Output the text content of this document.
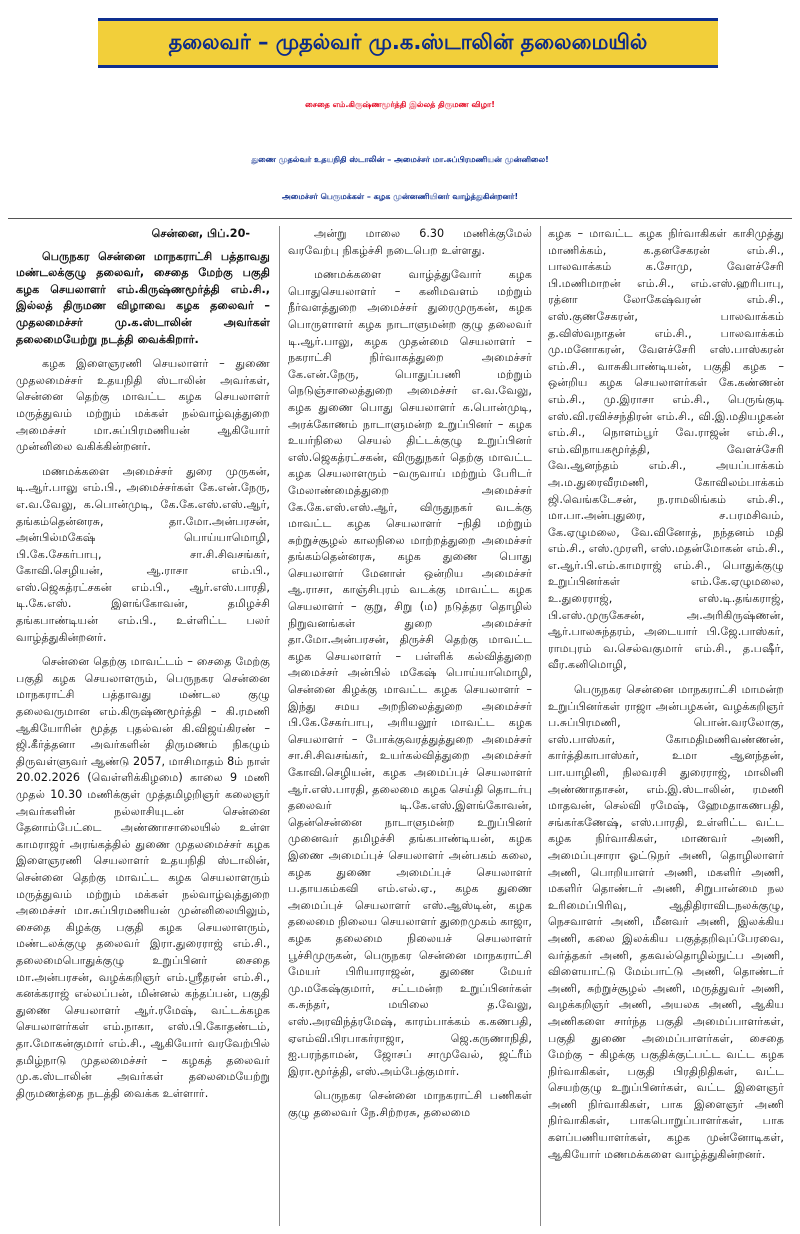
தலைவர் – முதல்வர் மு.க.ஸ்டாலின் தலைமையில்
சைதை எம்.கிருஷ்ணமூர்த்தி இல்லத் திருமண விழா!
துணை முதல்வர் உதயநிதி ஸ்டாலின் – அமைச்சர் மா.சுப்பிரமணியன் முன்னிலை!
அமைச்சர் பெருமக்கள் – கழக முன்னணியினர் வாழ்த்துகின்றனர்!
சென்னை, பிப்.20-

பெருநகர சென்னை மாநகராட்சி பத்தாவது மண்டலக்குழு தலைவர், சைதை மேற்கு பகுதி கழக செயலாளர் எம்.கிருஷ்ணமூர்த்தி எம்.சி., இல்லத் திருமண விழாவை கழக தலைவர் – முதலமைச்சர் மு.க.ஸ்டாலின் அவர்கள் தலைமையேற்று நடத்தி வைக்கிறார்.

கழக இளைஞரணி செயலாளர் – துணை முதலமைச்சர் உதயநிதி ஸ்டாலின் அவர்கள், சென்னை தெற்கு மாவட்ட கழக செயலாளர் மருத்துவம் மற்றும் மக்கள் நல்வாழ்வுத்துறை அமைச்சர் மா.சுப்பிரமணியன் ஆகியோர் முன்னிலை வகிக்கின்றனர்.

மணமக்களை அமைச்சர் துரை முருகன், டி.ஆர்.பாலு எம்.பி., அமைச்சர்கள் கே.என்.நேரு, எ.வ.வேலு, க.பொன்முடி, கே.கே.எஸ்.எஸ்.ஆர், தங்கம்தென்னரசு, தா.மோ.அன்பரசன், அன்பில்மகேஷ் பொய்யாமொழி, பி.கே.சேகர்பாபு, சா.சி.சிவசங்கர், கோவி.செழியன், ஆ.ராசா எம்.பி., எஸ்.ஜெகத்ரட்சகன் எம்.பி., ஆர்.எஸ்.பாரதி, டி.கே.எஸ். இளங்கோவன், தமிழச்சி தங்கபாண்டியன் எம்.பி., உள்ளிட்ட பலர் வாழ்த்துகின்றனர்.

சென்னை தெற்கு மாவட்டம் – சைதை மேற்கு பகுதி கழக செயலாளரும், பெருநகர சென்னை மாநகராட்சி பத்தாவது மண்டல குழு தலைவருமான எம்.கிருஷ்ணமூர்த்தி – கி.ரமணி ஆகியோரின் மூத்த புதல்வன் கி.விஜய்கிரண் – ஜி.கீர்த்தனா அவர்களின் திருமணம் நிகழும் திருவள்ளுவர் ஆண்டு 2057, மாசிமாதம் 8ம் நாள் 20.02.2026 (வெள்ளிக்கிழமை) காலை 9 மணி முதல் 10.30 மணிக்குள் முத்தமிழறிஞர் கலைஞர் அவர்களின் நல்லாசியுடன் சென்னை தேனாம்பேட்டை அண்ணாசாலையில் உள்ள காமராஜர் அரங்கத்தில் துணை முதலமைச்சர் கழக இளைஞரணி செயலாளர் உதயநிதி ஸ்டாலின், சென்னை தெற்கு மாவட்ட கழக செயலாளரும் மருத்துவம் மற்றும் மக்கள் நல்வாழ்வுத்துறை அமைச்சர் மா.சுப்பிரமணியன் முன்னிலையிலும், சைதை கிழக்கு பகுதி கழக செயலாளரும், மண்டலக்குழு தலைவர் இரா.துரைராஜ் எம்.சி., தலைமைபொதுக்குழு உறுப்பினர் சைதை மா.அன்பரசன், வழக்கறிஞர் எம்.ஸ்ரீதரன் எம்.சி., கனக்கராஜ் எல்லப்பன், மின்னல் கந்தப்பன், பகுதி துணை செயலாளர் ஆர்.ரமேஷ், வட்டக்கழக செயலாளர்கள் எம்.நாகா, எஸ்.பி.கோதண்டம், தா.மோகன்குமார் எம்.சி., ஆகியோர் வரவேற்பில் தமிழ்நாடு முதலமைச்சர் – கழகத் தலைவர் மு.க.ஸ்டாலின் அவர்கள் தலைமையேற்று திருமணத்தை நடத்தி வைக்க உள்ளார்.

அன்று மாலை 6.30 மணிக்குமேல் வரவேற்பு நிகழ்ச்சி நடைபெற உள்ளது.

மணமக்களை வாழ்த்துவோர் கழக பொதுசெயலாளர் – கனிமவளம் மற்றும் நீர்வளத்துறை அமைச்சர் துரைமுருகன், கழக பொருளாளர் கழக நாடாளுமன்ற குழு தலைவர் டி.ஆர்.பாலு, கழக முதன்மை செயலாளர் – நகராட்சி நிர்வாகத்துறை அமைச்சர் கே.என்.நேரு, பொதுப்பணி மற்றும் நெடுஞ்சாலைத்துறை அமைச்சர் எ.வ.வேலு, கழக துணை பொது செயலாளர் க.பொன்முடி, அரக்கோணம் நாடாளுமன்ற உறுப்பினர் – கழக உயர்நிலை செயல் திட்டக்குழு உறுப்பினர் எஸ்.ஜெகத்ரட்சகன், விருதுநகர் தெற்கு மாவட்ட கழக செயலாளரும் –வருவாய் மற்றும் பேரிடர் மேலாண்மைத்துறை அமைச்சர் கே.கே.எஸ்.எஸ்.ஆர், விருதுநகர் வடக்கு மாவட்ட கழக செயலாளர் –நிதி மற்றும் சுற்றுச்சூழல் காலநிலை மாற்றத்துறை அமைச்சர் தங்கம்தென்னரசு, கழக துணை பொது செயலாளர் மேனாள் ஒன்றிய அமைச்சர் ஆ.ராசா, காஞ்சிபுரம் வடக்கு மாவட்ட கழக செயலாளர் – குறு, சிறு (ம) நடுத்தர தொழில் நிறுவனங்கள் துறை அமைச்சர் தா.மோ.அன்பரசன், திருச்சி தெற்கு மாவட்ட கழக செயலாளர் – பள்ளிக் கல்வித்துறை அமைச்சர் அன்பில் மகேஷ் பொய்யாமொழி, சென்னை கிழக்கு மாவட்ட கழக செயலாளர் – இந்து சமய அறநிலைத்துறை அமைச்சர் பி.கே.சேகர்பாபு, அரியலூர் மாவட்ட கழக செயலாளர் – போக்குவரத்துத்துறை அமைச்சர் சா.சி.சிவசங்கர், உயர்கல்வித்துறை அமைச்சர் கோவி.செழியன், கழக அமைப்புச் செயலாளர் ஆர்.எஸ்.பாரதி, தலைமை கழக செய்தி தொடர்பு தலைவர் டி.கே.எஸ்.இளங்கோவன், தென்சென்னை நாடாளுமன்ற உறுப்பினர் முனைவர் தமிழச்சி தங்கபாண்டியன், கழக இணை அமைப்புச் செயலாளர் அன்பகம் கலை, கழக துணை அமைப்புச் செயலாளர் ப.தாயகம்கவி எம்.எல்.ஏ., கழக துணை அமைப்புச் செயலாளர் எஸ்.ஆஸ்டின், கழக தலைமை நிலைய செயலாளர் துறைமுகம் காஜா, கழக தலைமை நிலையச் செயலாளர் பூச்சிமுருகன், பெருநகர சென்னை மாநகராட்சி மேயர் பிரியாராஜன், துணை மேயர் மு.மகேஷ்குமார், சட்டமன்ற உறுப்பினர்கள் க.சுந்தர், மயிலை த.வேலு, எஸ்.அரவிந்த்ரமேஷ், காரம்பாக்கம் க.கணபதி, ஏஎம்வி.பிரபாகர்ராஜா, ஜெ.கருணாநிதி, ஐ.பரந்தாமன், ஜோசப் சாமுவேல், ஜட்ரீம் இரா.மூர்த்தி, எஸ்.அம்பேத்குமார்.

பெருநகர சென்னை மாநகராட்சி பணிகள் குழு தலைவர் நே.சிற்றரசு, தலைமை

கழக – மாவட்ட கழக நிர்வாகிகள் காசிமுத்து மாணிக்கம், க.தனசேகரன் எம்.சி., பாலவாக்கம் க.சோமு, வேளச்சேரி பி.மணிமாறன் எம்.சி., எம்.எஸ்.ஹரிபாபு, ரத்னா லோகேஷ்வரன் எம்.சி., எஸ்.குணசேகரன், பாலவாக்கம் த.விஸ்வநாதன் எம்.சி., பாலவாக்கம் மு.மனோகரன், வேளச்சேரி எஸ்.பாஸ்கரன் எம்.சி., வாசுகிபாண்டியன், பகுதி கழக – ஒன்றிய கழக செயலாளர்கள் கே.கண்ணன் எம்.சி., மு.இராசா எம்.சி., பெருங்குடி எஸ்.வி.ரவிச்சந்திரன் எம்.சி., வி.இ.மதியழகன் எம்.சி., நொளம்பூர் வே.ராஜன் எம்.சி., எம்.விநாயகமூர்த்தி, வேளச்சேரி வே.ஆனந்தம் எம்.சி., அயப்பாக்கம் அ.ம.துரைவீரமணி, கோவிலம்பாக்கம் ஜி.வெங்கடேசன், ந.ராமலிங்கம் எம்.சி., மா.பா.அன்புதுரை, ச.பரமசிவம், கே.ஏழுமலை, வே.வினோத், நந்தனம் மதி எம்.சி., எஸ்.முரளி, எஸ்.மதன்மோகன் எம்.சி., எ.ஆர்.பி.எம்.காமராஜ் எம்.சி., பொதுக்குழு உறுப்பினர்கள் எம்.கே.ஏழுமலை, உ.துரைராஜ், எஸ்.டி.தங்கராஜ், பி.எஸ்.முருகேசன், அ.அரிகிருஷ்ணன், ஆர்.பாலசுந்தரம், அடையார் பி.ஜே.பாஸ்கர், ராமபுரம் வ.செல்வகுமார் எம்.சி., த.பஷீர், வீர.கனிமொழி,

பெருநகர சென்னை மாநகராட்சி மாமன்ற உறுப்பினர்கள் ராஜா அன்பழகன், வழக்கறிஞர் ப.சுப்பிரமணி, பொன்.வரலோகு, எஸ்.பாஸ்கர், கோமதிமணிவண்ணன், கார்த்திகாபாஸ்கர், உமா ஆனந்தன், பா.யாழினி, நிலவரசி துரைராஜ், மாலினி அண்ணாதாசன், எம்.இ.ஸ்டாலின், ரமணி மாதவன், செல்வி ரமேஷ், ஹேமதாகணபதி, சங்கர்கணேஷ், எஸ்.பாரதி, உள்ளிட்ட வட்ட கழக நிர்வாகிகள், மாணவர் அணி, அமைப்புசாரா ஓட்டுநர் அணி, தொழிலாளர் அணி, பொறியாளர் அணி, மகளிர் அணி, மகளிர் தொண்டர் அணி, சிறுபான்மை நல உரிமைப்பிரிவு, ஆதிதிராவிடநலக்குழு, நெசவாளர் அணி, மீனவர் அணி, இலக்கிய அணி, கலை இலக்கிய பகுத்தறிவுப்பேரவை, வர்த்தகர் அணி, தகவல்தொழில்நுட்ப அணி, விளையாட்டு மேம்பாட்டு அணி, தொண்டர் அணி, சுற்றுச்சூழல் அணி, மருத்துவர் அணி, வழக்கறிஞர் அணி, அயலக அணி, ஆகிய அணிகளை சார்ந்த பகுதி அமைப்பாளர்கள், பகுதி துணை அமைப்பாளர்கள், சைதை மேற்கு – கிழக்கு பகுதிக்குட்பட்ட வட்ட கழக நிர்வாகிகள், பகுதி பிரதிநிதிகள், வட்ட செயற்குழு உறுப்பினர்கள், வட்ட இளைஞர் அணி நிர்வாகிகள், பாக இளைஞர் அணி நிர்வாகிகள், பாகபொறுப்பாளர்கள், பாக களப்பணியாளர்கள், கழக முன்னோடிகள், ஆகியோர் மணமக்களை வாழ்த்துகின்றனர்.
